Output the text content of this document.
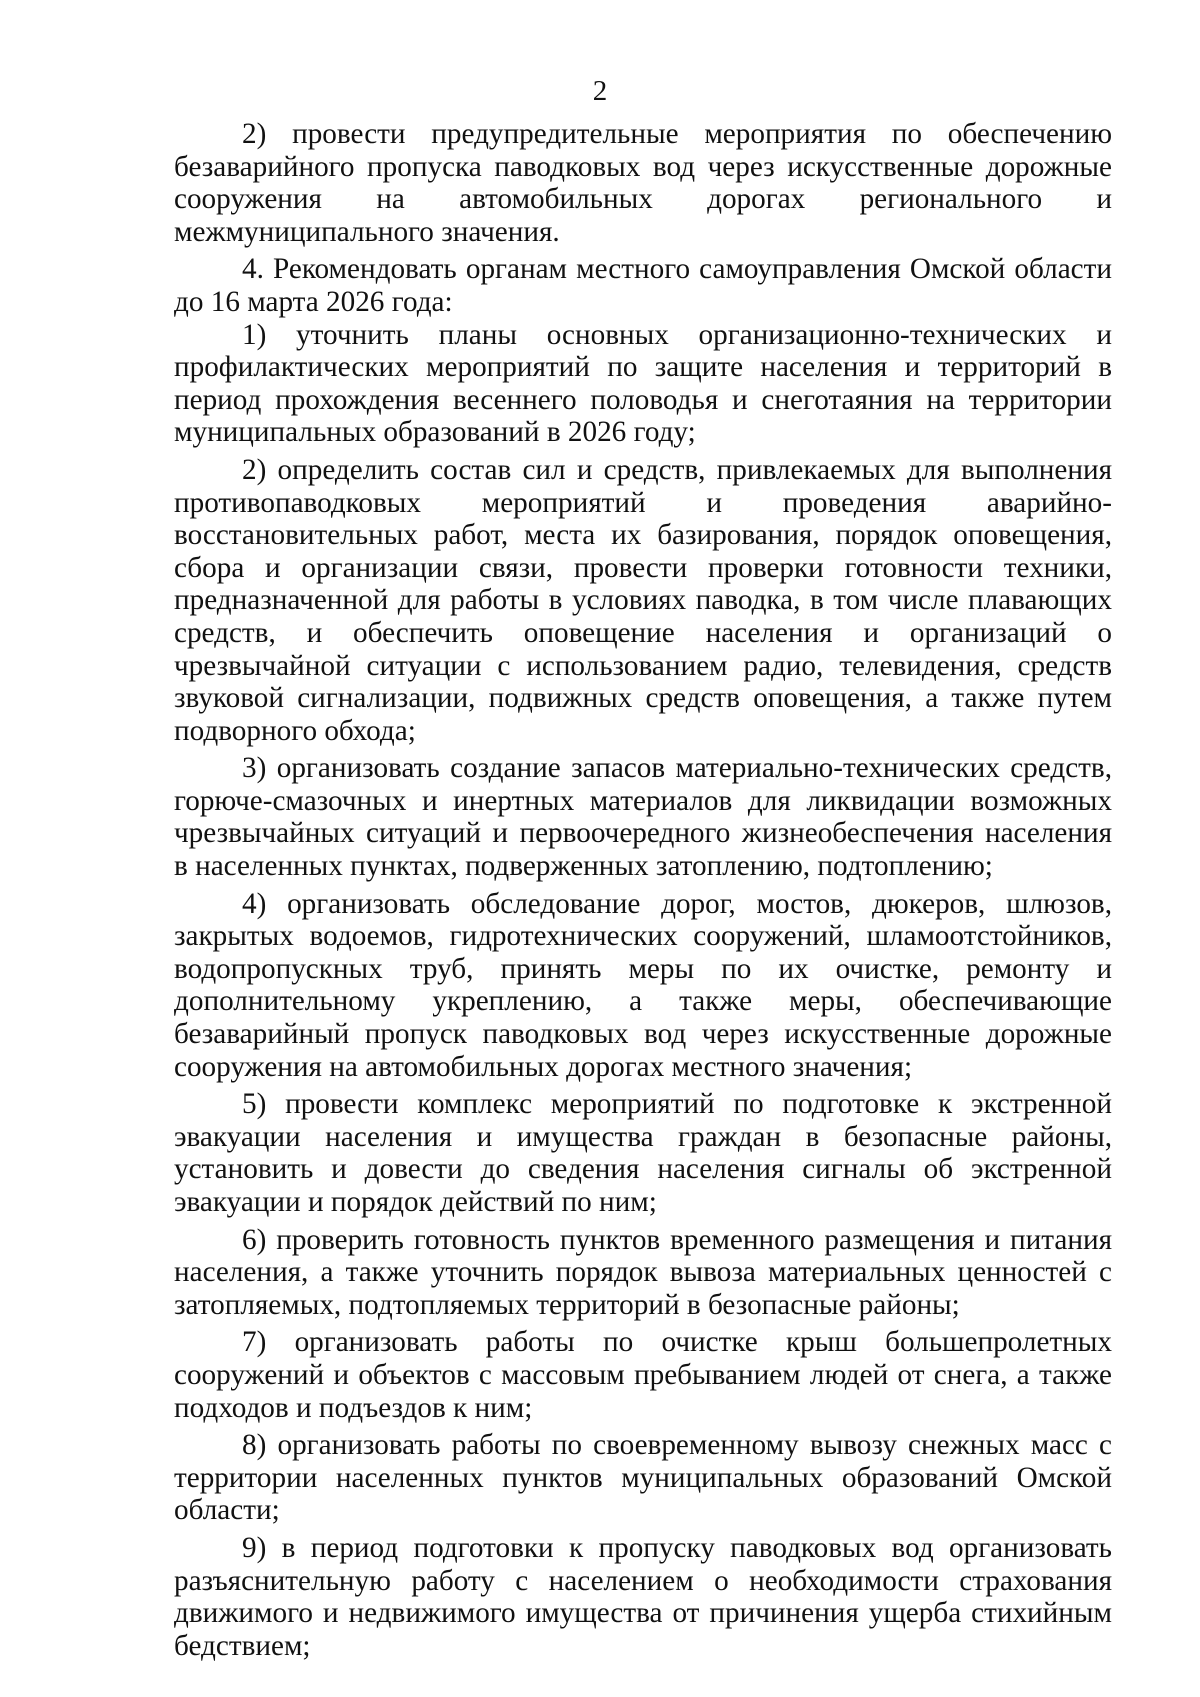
2

2) провести предупредительные мероприятия по обеспечению безаварийного пропуска паводковых вод через искусственные дорожные сооружения на автомобильных дорогах регионального и межмуниципального значения.

4. Рекомендовать органам местного самоуправления Омской области до 16 марта 2026 года:

1) уточнить планы основных организационно-технических и профилактических мероприятий по защите населения и территорий в период прохождения весеннего половодья и снеготаяния на территории муниципальных образований в 2026 году;

2) определить состав сил и средств, привлекаемых для выполнения противопаводковых мероприятий и проведения аварийно-восстановительных работ, места их базирования, порядок оповещения, сбора и организации связи, провести проверки готовности техники, предназначенной для работы в условиях паводка, в том числе плавающих средств, и обеспечить оповещение населения и организаций о чрезвычайной ситуации с использованием радио, телевидения, средств звуковой сигнализации, подвижных средств оповещения, а также путем подворного обхода;

3) организовать создание запасов материально-технических средств, горюче-смазочных и инертных материалов для ликвидации возможных чрезвычайных ситуаций и первоочередного жизнеобеспечения населения в населенных пунктах, подверженных затоплению, подтоплению;

4) организовать обследование дорог, мостов, дюкеров, шлюзов, закрытых водоемов, гидротехнических сооружений, шламоотстойников, водопропускных труб, принять меры по их очистке, ремонту и дополнительному укреплению, а также меры, обеспечивающие безаварийный пропуск паводковых вод через искусственные дорожные сооружения на автомобильных дорогах местного значения;

5) провести комплекс мероприятий по подготовке к экстренной эвакуации населения и имущества граждан в безопасные районы, установить и довести до сведения населения сигналы об экстренной эвакуации и порядок действий по ним;

6) проверить готовность пунктов временного размещения и питания населения, а также уточнить порядок вывоза материальных ценностей с затопляемых, подтопляемых территорий в безопасные районы;

7) организовать работы по очистке крыш большепролетных сооружений и объектов с массовым пребыванием людей от снега, а также подходов и подъездов к ним;

8) организовать работы по своевременному вывозу снежных масс с территории населенных пунктов муниципальных образований Омской области;

9) в период подготовки к пропуску паводковых вод организовать разъяснительную работу с населением о необходимости страхования движимого и недвижимого имущества от причинения ущерба стихийным бедствием;
